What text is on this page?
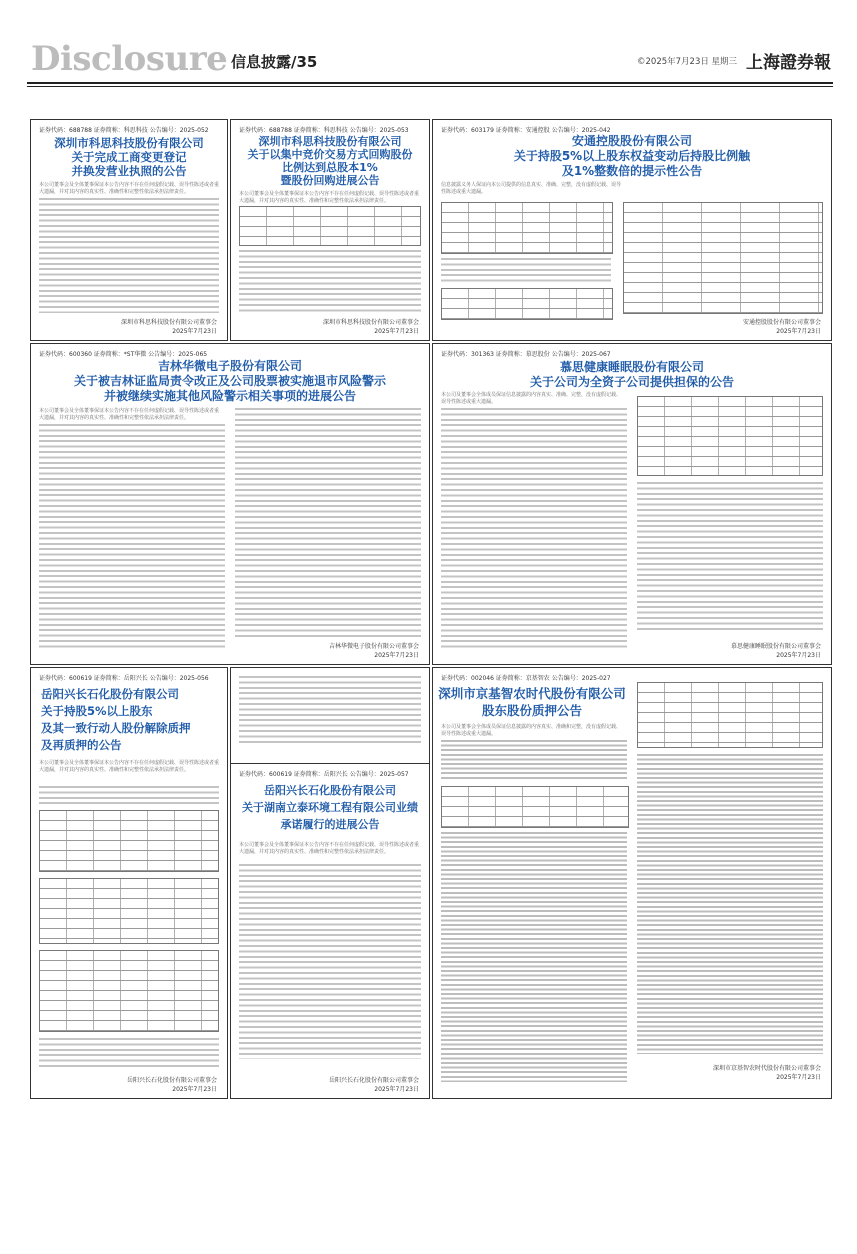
Disclosure 信息披露/35	©2025年7月23日 星期三 上海證券報
证券代码：688788 证券简称：科思科技 公告编号：2025-052
深圳市科思科技股份有限公司
关于完成工商变更登记
并换发营业执照的公告
本公司董事会及全体董事保证本公告内容不存在任何虚假记载、误导性陈述或者重大遗漏，并对其内容的真实性、准确性和完整性依法承担法律责任。
深圳市科思科技股份有限公司董事会
2025年7月23日
证券代码：688788 证券简称：科思科技 公告编号：2025-053
深圳市科思科技股份有限公司
关于以集中竞价交易方式回购股份
比例达到总股本1%
暨股份回购进展公告
本公司董事会及全体董事保证本公告内容不存在任何虚假记载、误导性陈述或者重大遗漏，并对其内容的真实性、准确性和完整性依法承担法律责任。
深圳市科思科技股份有限公司董事会
2025年7月23日
证券代码：603179 证券简称：安通控股 公告编号：2025-042
安通控股股份有限公司
关于持股5%以上股东权益变动后持股比例触
及1%整数倍的提示性公告
信息披露义务人保证向本公司提供的信息真实、准确、完整，没有虚假记载、误导性陈述或重大遗漏。
安通控股股份有限公司董事会
2025年7月23日
证券代码：600360 证券简称：*ST华微 公告编号：2025-065
吉林华微电子股份有限公司
关于被吉林证监局责令改正及公司股票被实施退市风险警示
并被继续实施其他风险警示相关事项的进展公告
本公司董事会及全体董事保证本公告内容不存在任何虚假记载、误导性陈述或者重大遗漏，并对其内容的真实性、准确性和完整性依法承担法律责任。
吉林华微电子股份有限公司董事会
2025年7月23日
证券代码：301363 证券简称：慕思股份 公告编号：2025-067
慕思健康睡眠股份有限公司
关于公司为全资子公司提供担保的公告
本公司及董事会全体成员保证信息披露的内容真实、准确、完整，没有虚假记载、误导性陈述或重大遗漏。
慕思健康睡眠股份有限公司董事会
2025年7月23日
证券代码：600619 证券简称：岳阳兴长 公告编号：2025-056
岳阳兴长石化股份有限公司
关于持股5%以上股东
及其一致行动人股份解除质押
及再质押的公告
本公司董事会及全体董事保证本公告内容不存在任何虚假记载、误导性陈述或者重大遗漏，并对其内容的真实性、准确性和完整性依法承担法律责任。
岳阳兴长石化股份有限公司董事会
2025年7月23日
证券代码：600619 证券简称：岳阳兴长 公告编号：2025-057
岳阳兴长石化股份有限公司
关于湖南立泰环境工程有限公司业绩
承诺履行的进展公告
本公司董事会及全体董事保证本公告内容不存在任何虚假记载、误导性陈述或者重大遗漏，并对其内容的真实性、准确性和完整性依法承担法律责任。
岳阳兴长石化股份有限公司董事会
2025年7月23日
证券代码：002046 证券简称：京基智农 公告编号：2025-027
深圳市京基智农时代股份有限公司
股东股份质押公告
本公司及董事会全体成员保证信息披露的内容真实、准确和完整，没有虚假记载、误导性陈述或重大遗漏。
深圳市京基智农时代股份有限公司董事会
2025年7月23日
